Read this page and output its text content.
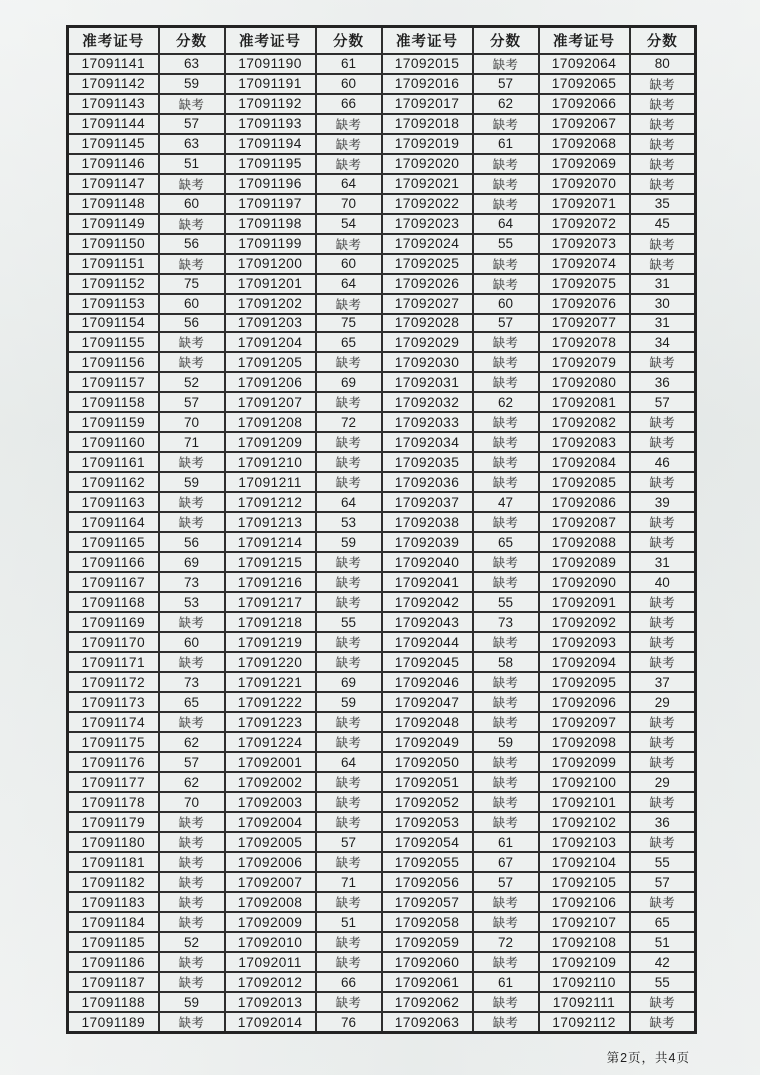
准考证号	分数	准考证号	分数	准考证号	分数	准考证号	分数
17091141	63	17091190	61	17092015	缺考	17092064	80
17091142	59	17091191	60	17092016	57	17092065	缺考
17091143	缺考	17091192	66	17092017	62	17092066	缺考
17091144	57	17091193	缺考	17092018	缺考	17092067	缺考
17091145	63	17091194	缺考	17092019	61	17092068	缺考
17091146	51	17091195	缺考	17092020	缺考	17092069	缺考
17091147	缺考	17091196	64	17092021	缺考	17092070	缺考
17091148	60	17091197	70	17092022	缺考	17092071	35
17091149	缺考	17091198	54	17092023	64	17092072	45
17091150	56	17091199	缺考	17092024	55	17092073	缺考
17091151	缺考	17091200	60	17092025	缺考	17092074	缺考
17091152	75	17091201	64	17092026	缺考	17092075	31
17091153	60	17091202	缺考	17092027	60	17092076	30
17091154	56	17091203	75	17092028	57	17092077	31
17091155	缺考	17091204	65	17092029	缺考	17092078	34
17091156	缺考	17091205	缺考	17092030	缺考	17092079	缺考
17091157	52	17091206	69	17092031	缺考	17092080	36
17091158	57	17091207	缺考	17092032	62	17092081	57
17091159	70	17091208	72	17092033	缺考	17092082	缺考
17091160	71	17091209	缺考	17092034	缺考	17092083	缺考
17091161	缺考	17091210	缺考	17092035	缺考	17092084	46
17091162	59	17091211	缺考	17092036	缺考	17092085	缺考
17091163	缺考	17091212	64	17092037	47	17092086	39
17091164	缺考	17091213	53	17092038	缺考	17092087	缺考
17091165	56	17091214	59	17092039	65	17092088	缺考
17091166	69	17091215	缺考	17092040	缺考	17092089	31
17091167	73	17091216	缺考	17092041	缺考	17092090	40
17091168	53	17091217	缺考	17092042	55	17092091	缺考
17091169	缺考	17091218	55	17092043	73	17092092	缺考
17091170	60	17091219	缺考	17092044	缺考	17092093	缺考
17091171	缺考	17091220	缺考	17092045	58	17092094	缺考
17091172	73	17091221	69	17092046	缺考	17092095	37
17091173	65	17091222	59	17092047	缺考	17092096	29
17091174	缺考	17091223	缺考	17092048	缺考	17092097	缺考
17091175	62	17091224	缺考	17092049	59	17092098	缺考
17091176	57	17092001	64	17092050	缺考	17092099	缺考
17091177	62	17092002	缺考	17092051	缺考	17092100	29
17091178	70	17092003	缺考	17092052	缺考	17092101	缺考
17091179	缺考	17092004	缺考	17092053	缺考	17092102	36
17091180	缺考	17092005	57	17092054	61	17092103	缺考
17091181	缺考	17092006	缺考	17092055	67	17092104	55
17091182	缺考	17092007	71	17092056	57	17092105	57
17091183	缺考	17092008	缺考	17092057	缺考	17092106	缺考
17091184	缺考	17092009	51	17092058	缺考	17092107	65
17091185	52	17092010	缺考	17092059	72	17092108	51
17091186	缺考	17092011	缺考	17092060	缺考	17092109	42
17091187	缺考	17092012	66	17092061	61	17092110	55
17091188	59	17092013	缺考	17092062	缺考	17092111	缺考
17091189	缺考	17092014	76	17092063	缺考	17092112	缺考
第2页，共4页
